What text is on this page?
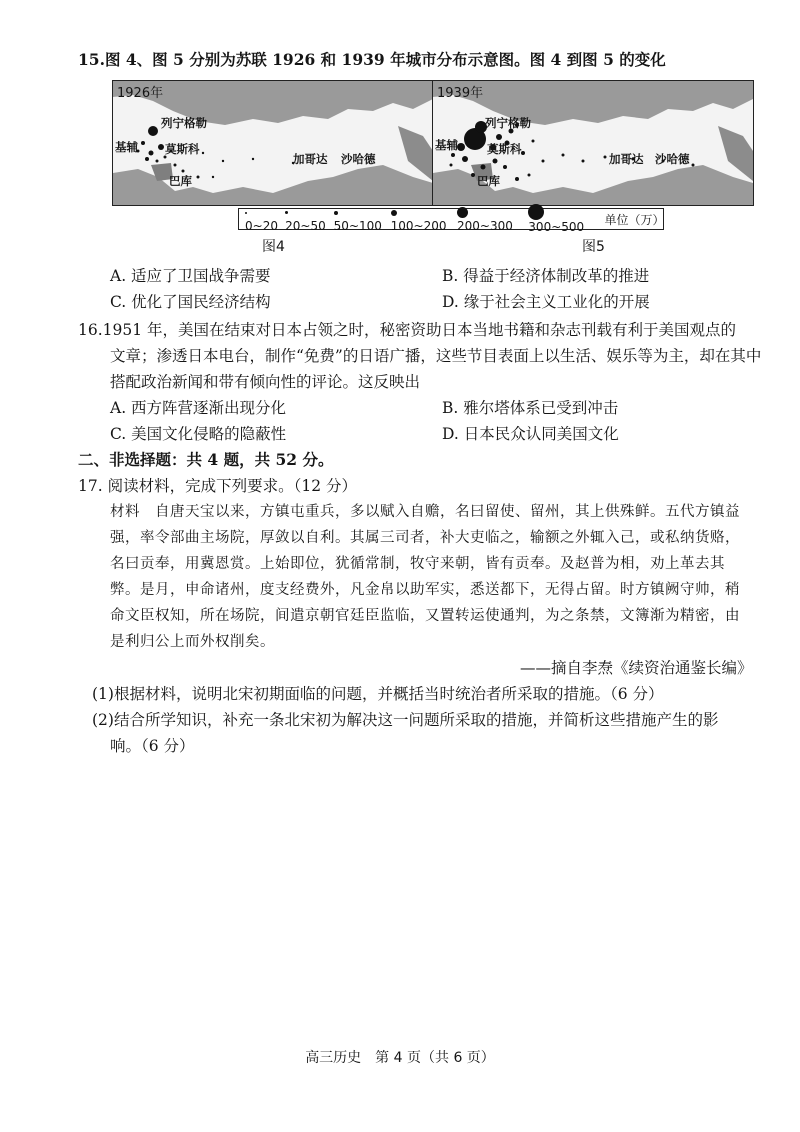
15.图 4、图 5 分别为苏联 1926 和 1939 年城市分布示意图。图 4 到图 5 的变化
1926年
列宁格勒
基辅 莫斯科
巴库
加哥达 沙哈德
1939年
列宁格勒
基辅	莫斯科
巴库
加哥达 沙哈德
0~20 20~50 50~100 100~200 200~300	300~500
单位（万）
图4	图5
A. 适应了卫国战争需要	B. 得益于经济体制改革的推进
C. 优化了国民经济结构	D. 缘于社会主义工业化的开展
16.1951 年，美国在结束对日本占领之时，秘密资助日本当地书籍和杂志刊载有利于美国观点的
文章；渗透日本电台，制作“免费”的日语广播，这些节目表面上以生活、娱乐等为主，却在其中
搭配政治新闻和带有倾向性的评论。这反映出
A. 西方阵营逐渐出现分化	B. 雅尔塔体系已受到冲击
C. 美国文化侵略的隐蔽性	D. 日本民众认同美国文化
二、非选择题：共 4 题，共 52 分。
17. 阅读材料，完成下列要求。（12 分）
材料　自唐天宝以来，方镇屯重兵，多以赋入自赡，名曰留使、留州，其上供殊鲜。五代方镇益
强，率令部曲主场院，厚敛以自利。其属三司者，补大吏临之，输额之外辄入己，或私纳货赂，
名曰贡奉，用冀恩赏。上始即位，犹循常制，牧守来朝，皆有贡奉。及赵普为相，劝上革去其
弊。是月，申命诸州，度支经费外，凡金帛以助军实，悉送都下，无得占留。时方镇阙守帅，稍
命文臣权知，所在场院，间遣京朝官廷臣监临，又置转运使通判，为之条禁，文簿渐为精密，由
是利归公上而外权削矣。
——摘自李焘《续资治通鉴长编》
(1)根据材料，说明北宋初期面临的问题，并概括当时统治者所采取的措施。（6 分）
(2)结合所学知识，补充一条北宋初为解决这一问题所采取的措施，并简析这些措施产生的影
响。（6 分）
高三历史　第 4 页（共 6 页）
